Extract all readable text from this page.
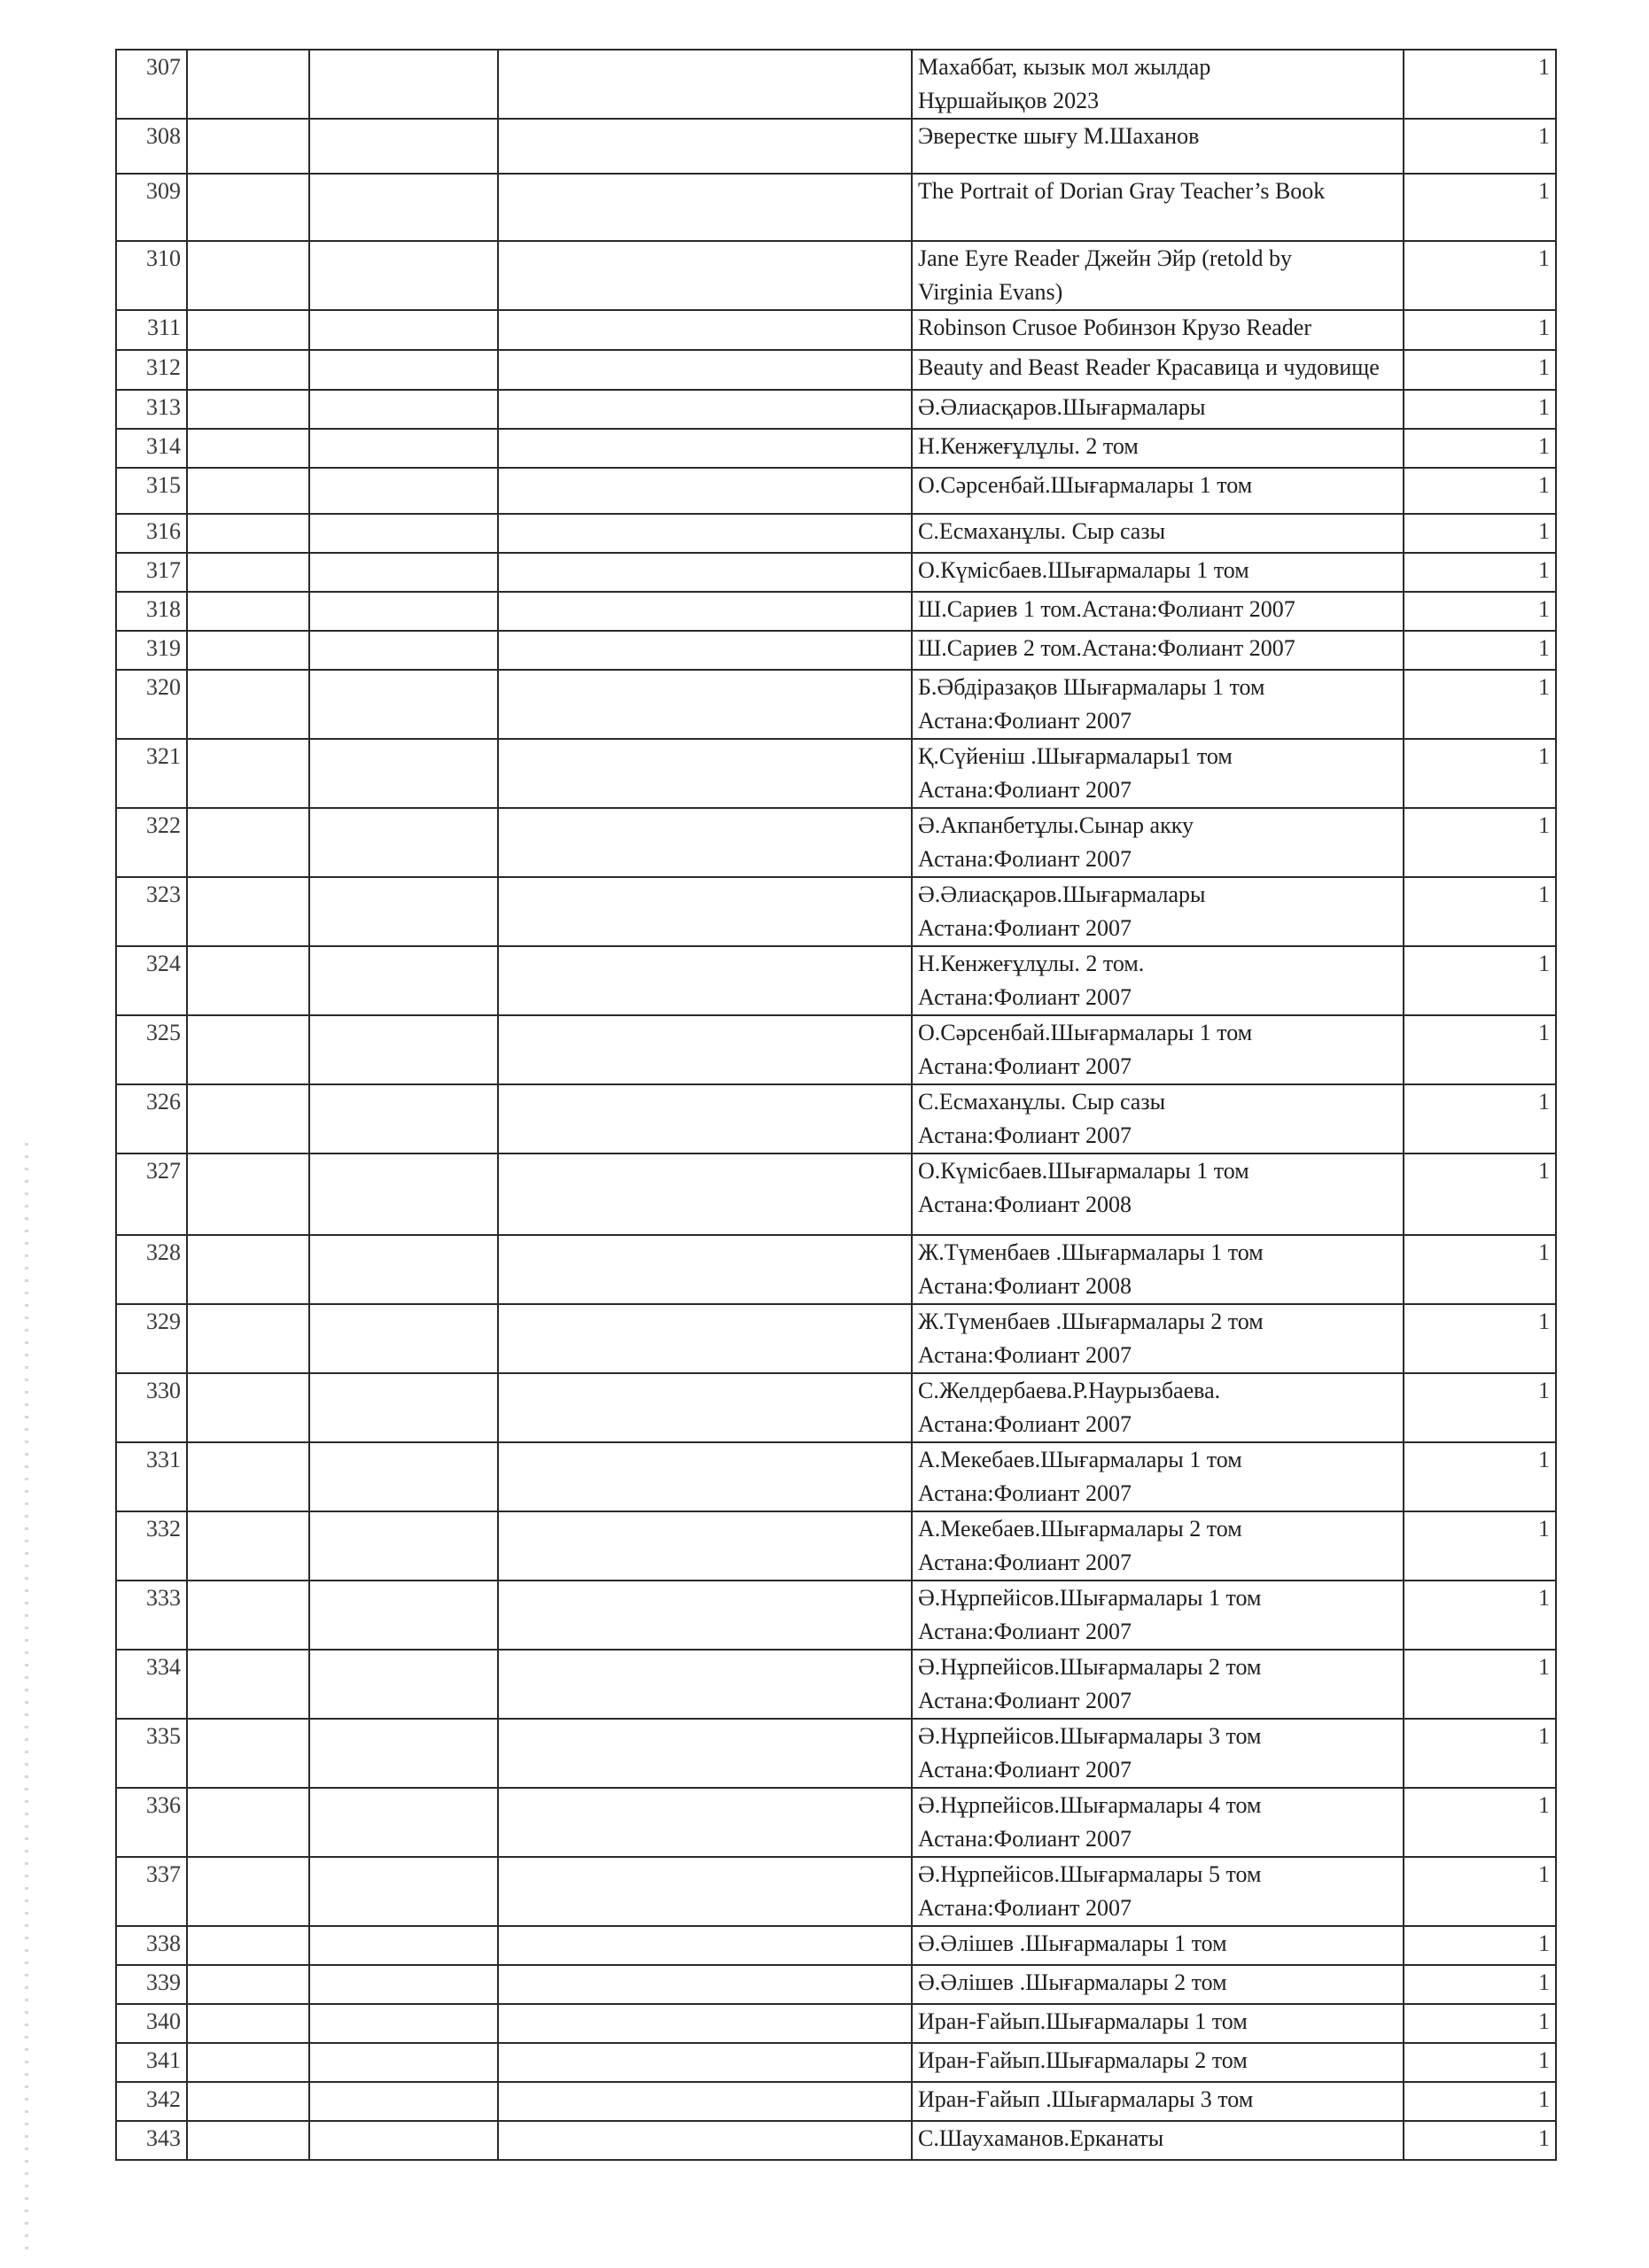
307				Махаббат, кызык мол жылдар
Нұршайықов 2023	1
308				Эверестке шығу М.Шаханов	1
309				The Portrait of Dorian Gray Teacher’s Book	1
310				Jane Eyre Reader Джейн Эйр (retold by
Virginia Evans)	1
311				Robinson Crusoe Робинзон Крузо Reader	1
312				Beauty and Beast Reader Красавица и чудовище	1
313				Ә.Әлиасқаров.Шығармалары	1
314				Н.Кенжеғұлұлы. 2 том	1
315				О.Сәрсенбай.Шығармалары 1 том	1
316				С.Есмаханұлы. Сыр сазы	1
317				О.Күмісбаев.Шығармалары 1 том	1
318				Ш.Сариев 1 том.Астана:Фолиант 2007	1
319				Ш.Сариев 2 том.Астана:Фолиант 2007	1
320				Б.Әбдіразақов Шығармалары 1 том
Астана:Фолиант 2007	1
321				Қ.Сүйеніш .Шығармалары1 том
Астана:Фолиант 2007	1
322				Ә.Акпанбетұлы.Сынар акку
Астана:Фолиант 2007	1
323				Ә.Әлиасқаров.Шығармалары
Астана:Фолиант 2007	1
324				Н.Кенжеғұлұлы. 2 том.
Астана:Фолиант 2007	1
325				О.Сәрсенбай.Шығармалары 1 том
Астана:Фолиант 2007	1
326				С.Есмаханұлы. Сыр сазы
Астана:Фолиант 2007	1
327				О.Күмісбаев.Шығармалары 1 том
Астана:Фолиант 2008	1
328				Ж.Түменбаев .Шығармалары 1 том
Астана:Фолиант 2008	1
329				Ж.Түменбаев .Шығармалары 2 том
Астана:Фолиант 2007	1
330				С.Желдербаева.Р.Наурызбаева.
Астана:Фолиант 2007	1
331				А.Мекебаев.Шығармалары 1 том
Астана:Фолиант 2007	1
332				А.Мекебаев.Шығармалары 2 том
Астана:Фолиант 2007	1
333				Ә.Нұрпейісов.Шығармалары 1 том
Астана:Фолиант 2007	1
334				Ә.Нұрпейісов.Шығармалары 2 том
Астана:Фолиант 2007	1
335				Ә.Нұрпейісов.Шығармалары 3 том
Астана:Фолиант 2007	1
336				Ә.Нұрпейісов.Шығармалары 4 том
Астана:Фолиант 2007	1
337				Ә.Нұрпейісов.Шығармалары 5 том
Астана:Фолиант 2007	1
338				Ә.Әлішев .Шығармалары 1 том	1
339				Ә.Әлішев .Шығармалары 2 том	1
340				Иран-Ғайып.Шығармалары 1 том	1
341				Иран-Ғайып.Шығармалары 2 том	1
342				Иран-Ғайып .Шығармалары 3 том	1
343				С.Шаухаманов.Ерканаты	1
